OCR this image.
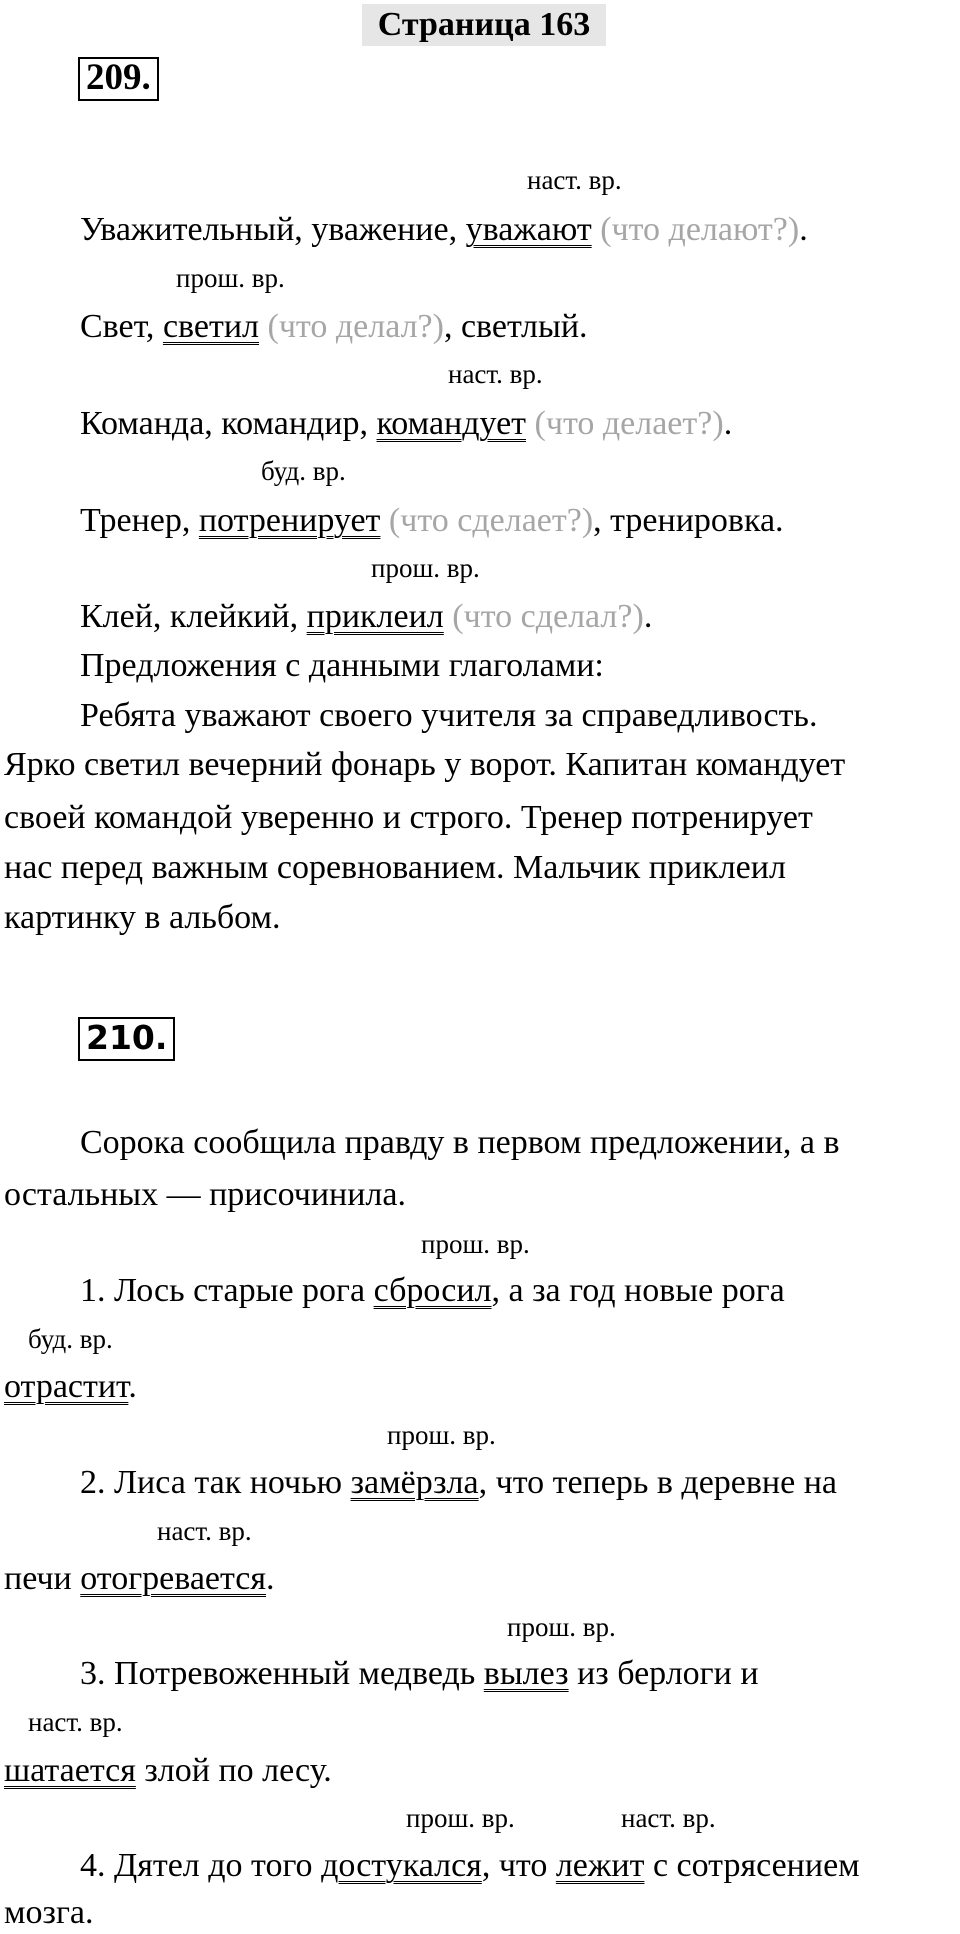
Страница 163
209.
наст. вр.
Уважительный, уважение, уважают (что делают?).
прош. вр.
Свет, светил (что делал?), светлый.
наст. вр.
Команда, командир, командует (что делает?).
буд. вр.
Тренер, потренирует (что сделает?), тренировка.
прош. вр.
Клей, клейкий, приклеил (что сделал?).
Предложения с данными глаголами:
Ребята уважают своего учителя за справедливость.
Ярко светил вечерний фонарь у ворот. Капитан командует
своей командой уверенно и строго. Тренер потренирует
нас перед важным соревнованием. Мальчик приклеил
картинку в альбом.
210.
Сорока сообщила правду в первом предложении, а в
остальных — присочинила.
прош. вр.
1. Лось старые рога сбросил, а за год новые рога
буд. вр.
отрастит.
прош. вр.
2. Лиса так ночью замёрзла, что теперь в деревне на
наст. вр.
печи отогревается.
прош. вр.
3. Потревоженный медведь вылез из берлоги и
наст. вр.
шатается злой по лесу.
прош. вр.	наст. вр.
4. Дятел до того достукался, что лежит с сотрясением
мозга.
